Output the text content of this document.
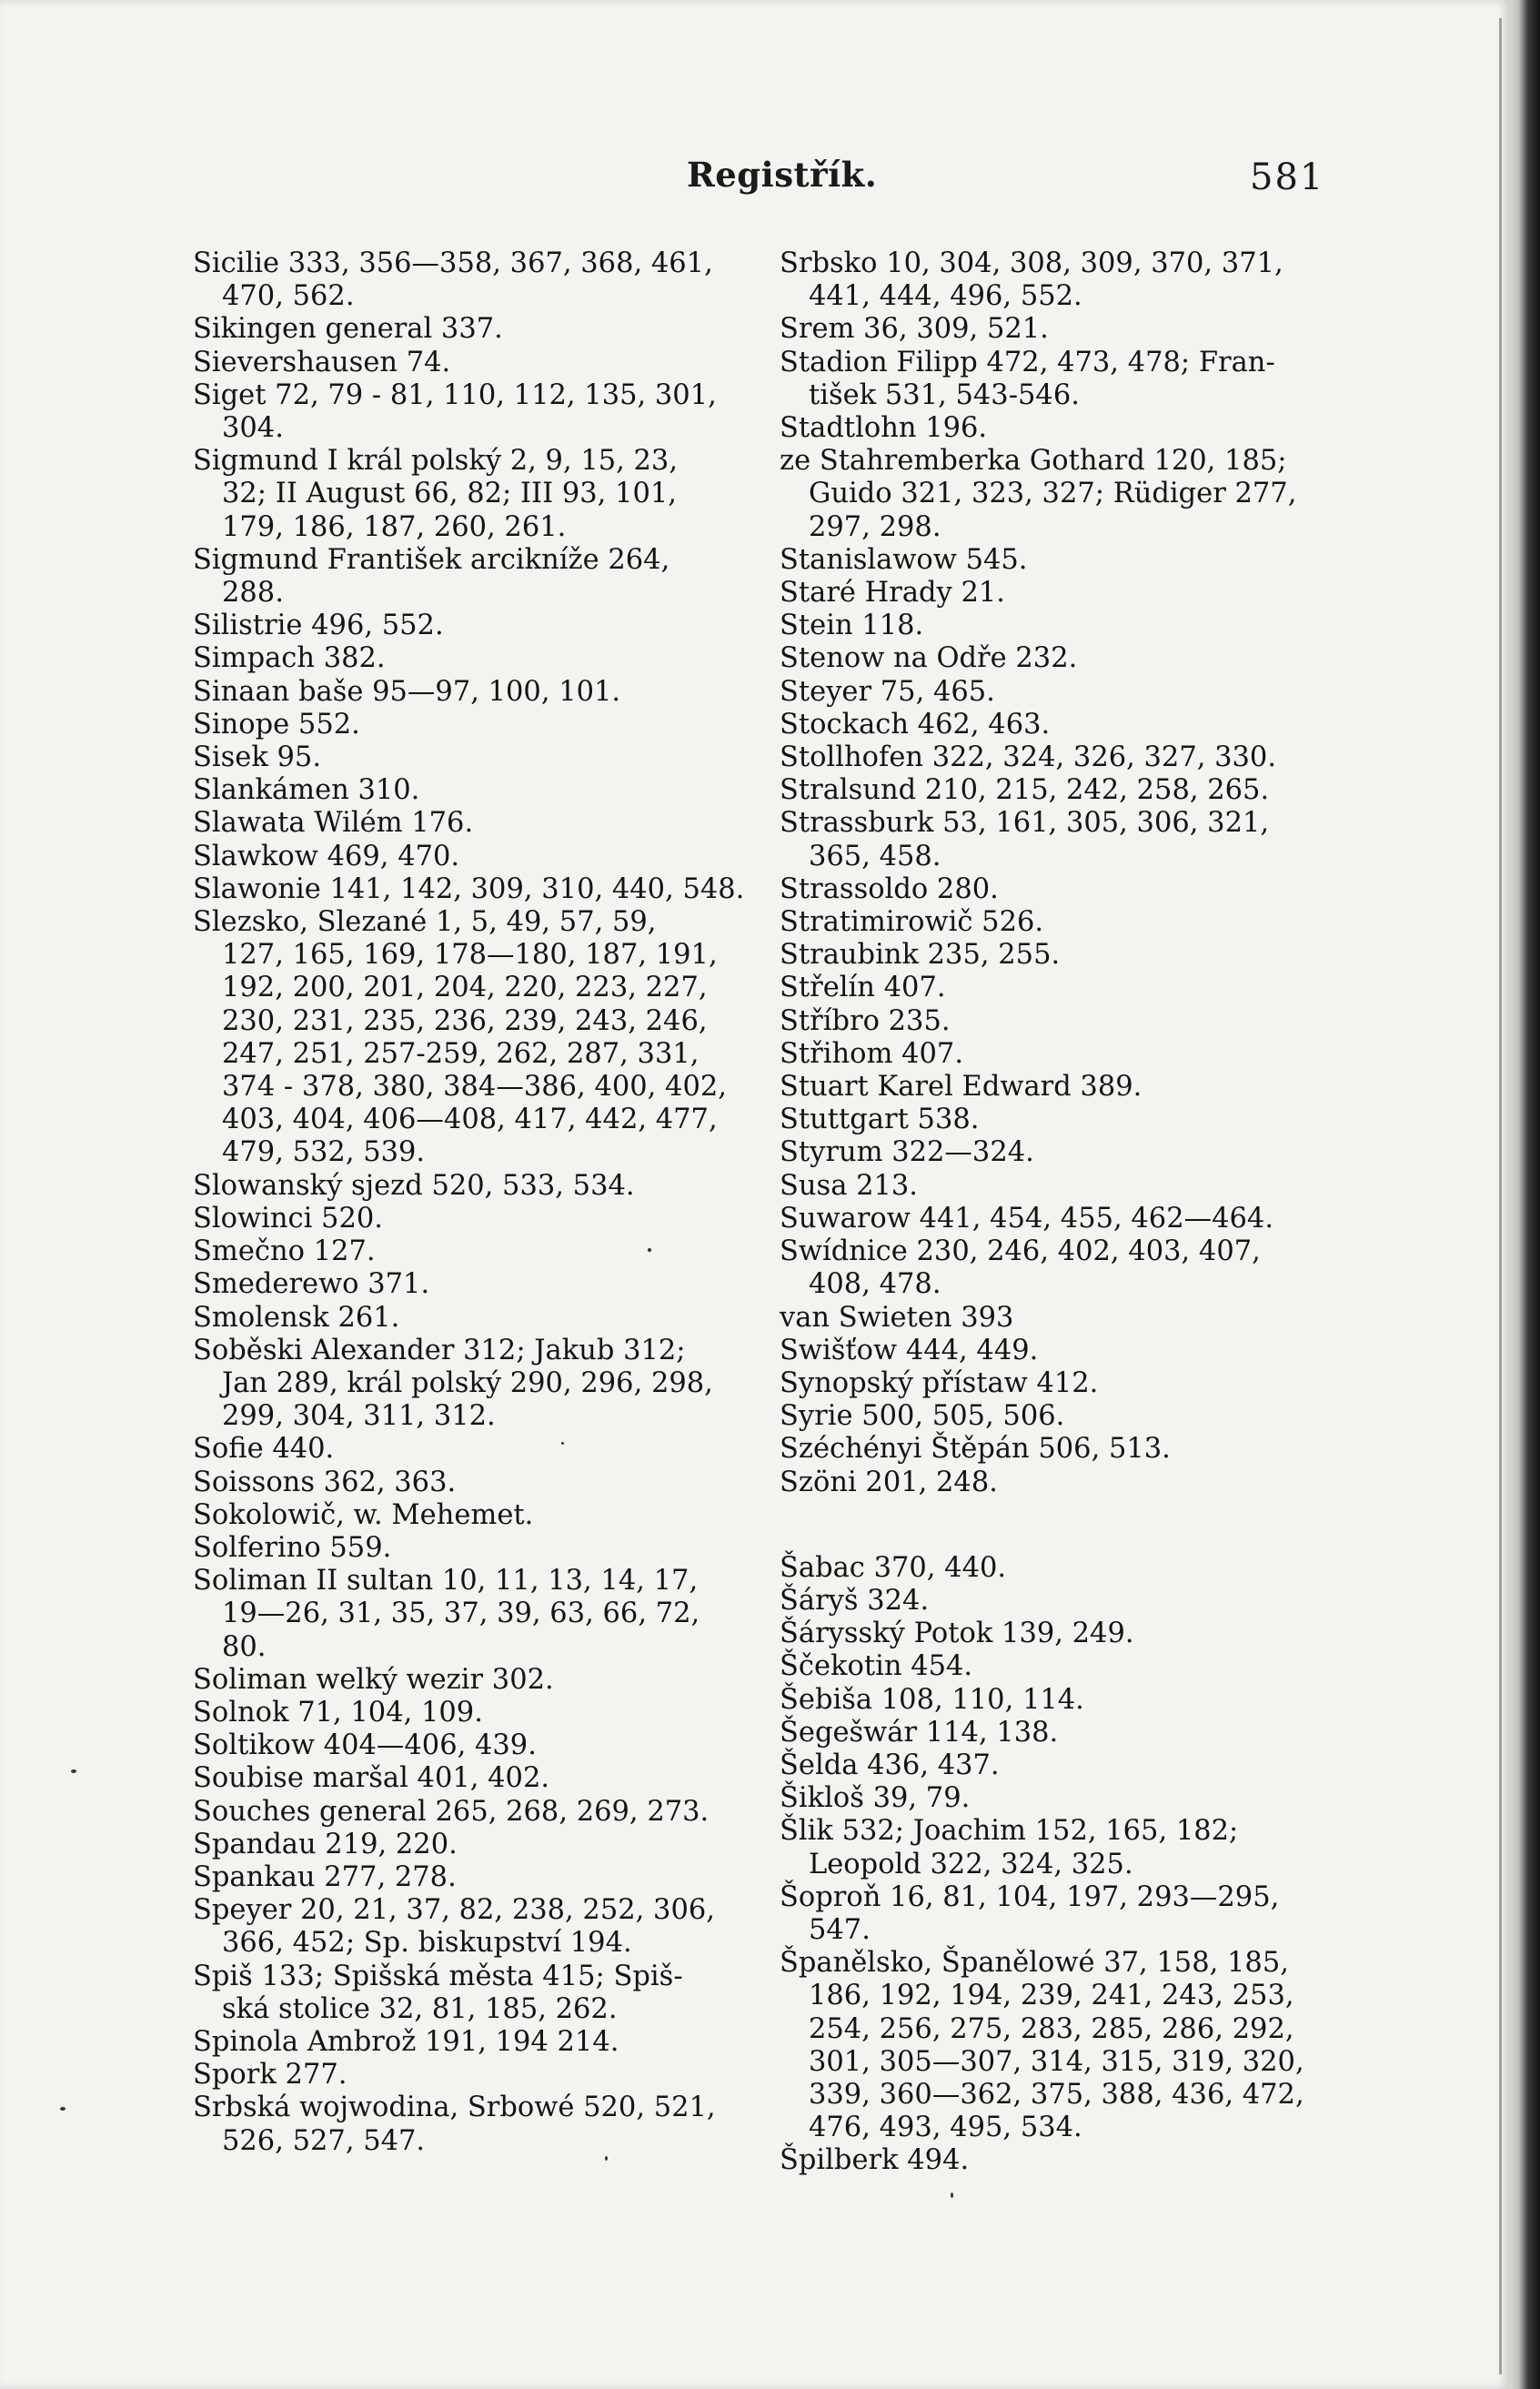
Registřík.	581
Sicilie 333, 356—358, 367, 368, 461,
470, 562.
Sikingen general 337.
Sievershausen 74.
Siget 72, 79 - 81, 110, 112, 135, 301,
304.
Sigmund I král polský 2, 9, 15, 23,
32; II August 66, 82; III 93, 101,
179, 186, 187, 260, 261.
Sigmund František arcikníže 264,
288.
Silistrie 496, 552.
Simpach 382.
Sinaan baše 95—97, 100, 101.
Sinope 552.
Sisek 95.
Slankámen 310.
Slawata Wilém 176.
Slawkow 469, 470.
Slawonie 141, 142, 309, 310, 440, 548.
Slezsko, Slezané 1, 5, 49, 57, 59,
127, 165, 169, 178—180, 187, 191,
192, 200, 201, 204, 220, 223, 227,
230, 231, 235, 236, 239, 243, 246,
247, 251, 257-259, 262, 287, 331,
374 - 378, 380, 384—386, 400, 402,
403, 404, 406—408, 417, 442, 477,
479, 532, 539.
Slowanský sjezd 520, 533, 534.
Slowinci 520.
Smečno 127.
Smederewo 371.
Smolensk 261.
Soběski Alexander 312; Jakub 312;
Jan 289, král polský 290, 296, 298,
299, 304, 311, 312.
Sofie 440.
Soissons 362, 363.
Sokolowič, w. Mehemet.
Solferino 559.
Soliman II sultan 10, 11, 13, 14, 17,
19—26, 31, 35, 37, 39, 63, 66, 72,
80.
Soliman welký wezir 302.
Solnok 71, 104, 109.
Soltikow 404—406, 439.
Soubise maršal 401, 402.
Souches general 265, 268, 269, 273.
Spandau 219, 220.
Spankau 277, 278.
Speyer 20, 21, 37, 82, 238, 252, 306,
366, 452; Sp. biskupství 194.
Spiš 133; Spišská města 415; Spiš-
ská stolice 32, 81, 185, 262.
Spinola Ambrož 191, 194 214.
Spork 277.
Srbská wojwodina, Srbowé 520, 521,
526, 527, 547.
Srbsko 10, 304, 308, 309, 370, 371,
441, 444, 496, 552.
Srem 36, 309, 521.
Stadion Filipp 472, 473, 478; Fran-
tišek 531, 543-546.
Stadtlohn 196.
ze Stahremberka Gothard 120, 185;
Guido 321, 323, 327; Rüdiger 277,
297, 298.
Stanislawow 545.
Staré Hrady 21.
Stein 118.
Stenow na Odře 232.
Steyer 75, 465.
Stockach 462, 463.
Stollhofen 322, 324, 326, 327, 330.
Stralsund 210, 215, 242, 258, 265.
Strassburk 53, 161, 305, 306, 321,
365, 458.
Strassoldo 280.
Stratimirowič 526.
Straubink 235, 255.
Střelín 407.
Stříbro 235.
Střihom 407.
Stuart Karel Edward 389.
Stuttgart 538.
Styrum 322—324.
Susa 213.
Suwarow 441, 454, 455, 462—464.
Swídnice 230, 246, 402, 403, 407,
408, 478.
van Swieten 393
Swišťow 444, 449.
Synopský přístaw 412.
Syrie 500, 505, 506.
Széchényi Štěpán 506, 513.
Szöni 201, 248.
Šabac 370, 440.
Šáryš 324.
Šárysský Potok 139, 249.
Ščekotin 454.
Šebiša 108, 110, 114.
Šegešwár 114, 138.
Šelda 436, 437.
Šikloš 39, 79.
Šlik 532; Joachim 152, 165, 182;
Leopold 322, 324, 325.
Šoproň 16, 81, 104, 197, 293—295,
547.
Španělsko, Španělowé 37, 158, 185,
186, 192, 194, 239, 241, 243, 253,
254, 256, 275, 283, 285, 286, 292,
301, 305—307, 314, 315, 319, 320,
339, 360—362, 375, 388, 436, 472,
476, 493, 495, 534.
Špilberk 494.
